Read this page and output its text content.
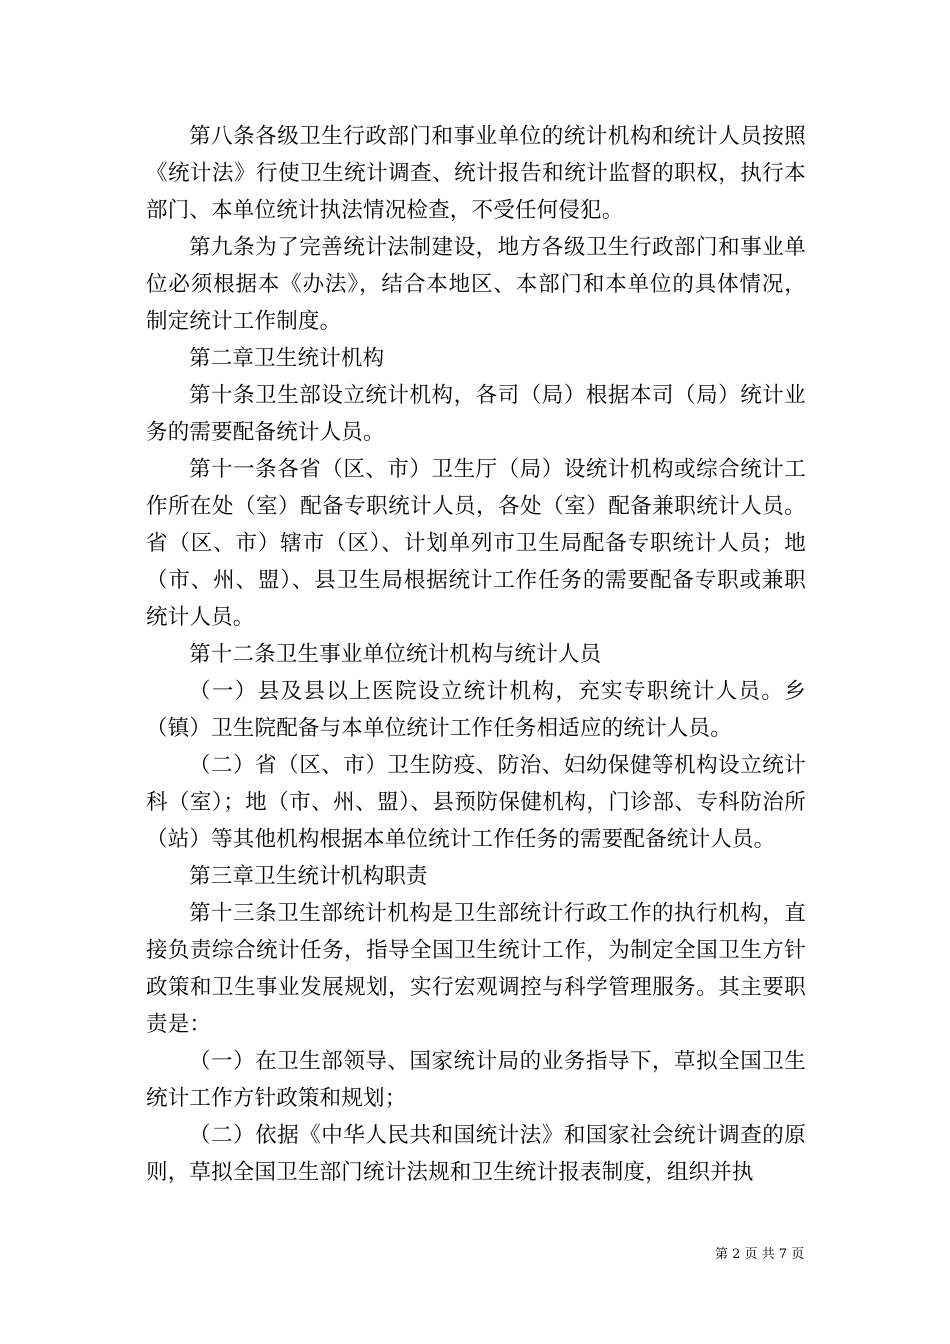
第八条各级卫生行政部门和事业单位的统计机构和统计人员按照《统计法》行使卫生统计调查、统计报告和统计监督的职权，执行本部门、本单位统计执法情况检查，不受任何侵犯。

第九条为了完善统计法制建设，地方各级卫生行政部门和事业单位必须根据本《办法》，结合本地区、本部门和本单位的具体情况，制定统计工作制度。

第二章卫生统计机构

第十条卫生部设立统计机构，各司（局）根据本司（局）统计业务的需要配备统计人员。

第十一条各省（区、市）卫生厅（局）设统计机构或综合统计工作所在处（室）配备专职统计人员，各处（室）配备兼职统计人员。省（区、市）辖市（区）、计划单列市卫生局配备专职统计人员；地（市、州、盟）、县卫生局根据统计工作任务的需要配备专职或兼职统计人员。

第十二条卫生事业单位统计机构与统计人员

（一）县及县以上医院设立统计机构，充实专职统计人员。乡（镇）卫生院配备与本单位统计工作任务相适应的统计人员。

（二）省（区、市）卫生防疫、防治、妇幼保健等机构设立统计科（室）；地（市、州、盟）、县预防保健机构，门诊部、专科防治所（站）等其他机构根据本单位统计工作任务的需要配备统计人员。

第三章卫生统计机构职责

第十三条卫生部统计机构是卫生部统计行政工作的执行机构，直接负责综合统计任务，指导全国卫生统计工作，为制定全国卫生方针政策和卫生事业发展规划，实行宏观调控与科学管理服务。其主要职责是：

（一）在卫生部领导、国家统计局的业务指导下，草拟全国卫生统计工作方针政策和规划；

（二）依据《中华人民共和国统计法》和国家社会统计调查的原则，草拟全国卫生部门统计法规和卫生统计报表制度，组织并执

第 2 页 共 7 页
